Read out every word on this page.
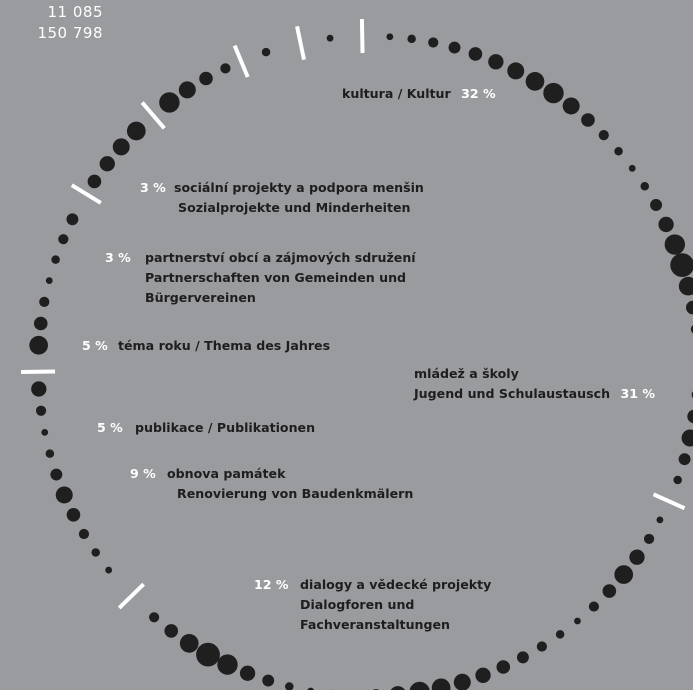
11 085
150 798
kultura / Kultur 32 %
3 % sociální projekty a podpora menšin
Sozialprojekte und Minderheiten
3 % partnerství obcí a zájmových sdružení
Partnerschaften von Gemeinden und
Bürgervereinen
5 % téma roku / Thema des Jahres
mládež a školy
Jugend und Schulaustausch 31 %
5 % publikace / Publikationen
9 % obnova památek
Renovierung von Baudenkmälern
12 % dialogy a vědecké projekty
Dialogforen und
Fachveranstaltungen
